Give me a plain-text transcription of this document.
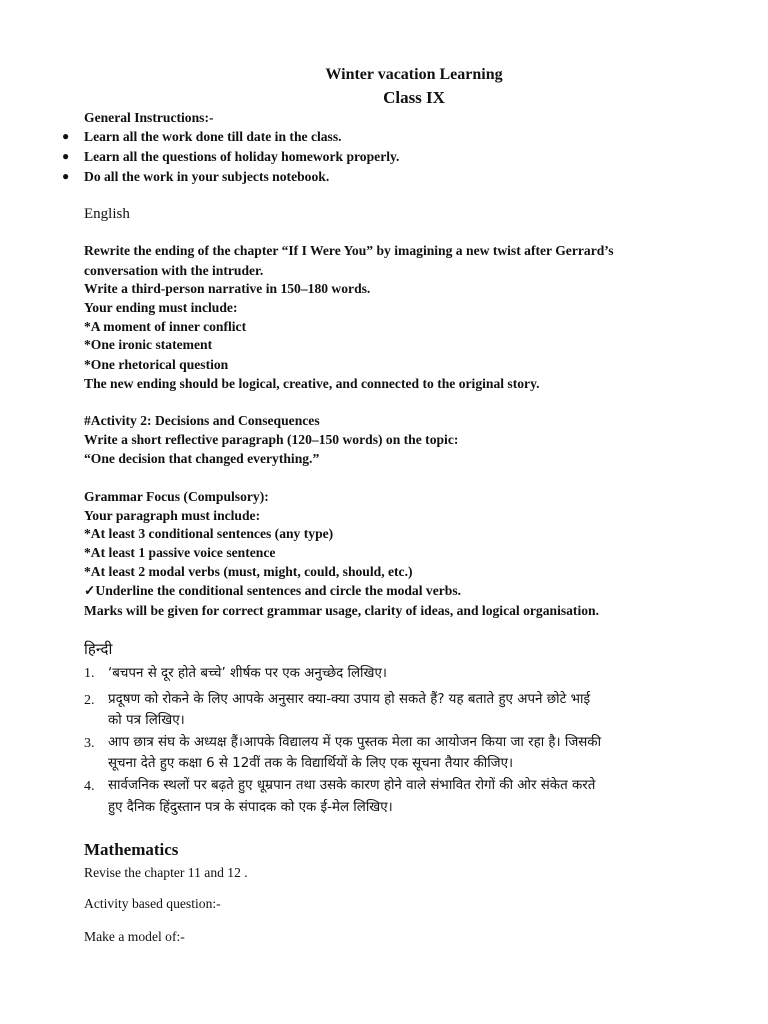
Winter vacation Learning
Class IX
General Instructions:-
● Learn all the work done till date in the class.
● Learn all the questions of holiday homework properly.
● Do all the work in your subjects notebook.
English
Rewrite the ending of the chapter “If I Were You” by imagining a new twist after Gerrard’s
conversation with the intruder.
Write a third-person narrative in 150–180 words.
Your ending must include:
*A moment of inner conflict
*One ironic statement
*One rhetorical question
The new ending should be logical, creative, and connected to the original story.
#Activity 2: Decisions and Consequences
Write a short reflective paragraph (120–150 words) on the topic:
“One decision that changed everything.”
Grammar Focus (Compulsory):
Your paragraph must include:
*At least 3 conditional sentences (any type)
*At least 1 passive voice sentence
*At least 2 modal verbs (must, might, could, should, etc.)
✓Underline the conditional sentences and circle the modal verbs.
Marks will be given for correct grammar usage, clarity of ideas, and logical organisation.
हिन्दी
1. ‘बचपन से दूर होते बच्चे’ शीर्षक पर एक अनुच्छेद लिखिए।
2. प्रदूषण को रोकने के लिए आपके अनुसार क्या-क्या उपाय हो सकते हैं? यह बताते हुए अपने छोटे भाई
को पत्र लिखिए।
3. आप छात्र संघ के अध्यक्ष हैं।आपके विद्यालय में एक पुस्तक मेला का आयोजन किया जा रहा है। जिसकी
सूचना देते हुए कक्षा 6 से 12वीं तक के विद्यार्थियों के लिए एक सूचना तैयार कीजिए।
4. सार्वजनिक स्थलों पर बढ़ते हुए धूम्रपान तथा उसके कारण होने वाले संभावित रोगों की ओर संकेत करते
हुए दैनिक हिंदुस्तान पत्र के संपादक को एक ई-मेल लिखिए।
Mathematics
Revise the chapter 11 and 12 .
Activity based question:-
Make a model of:-
